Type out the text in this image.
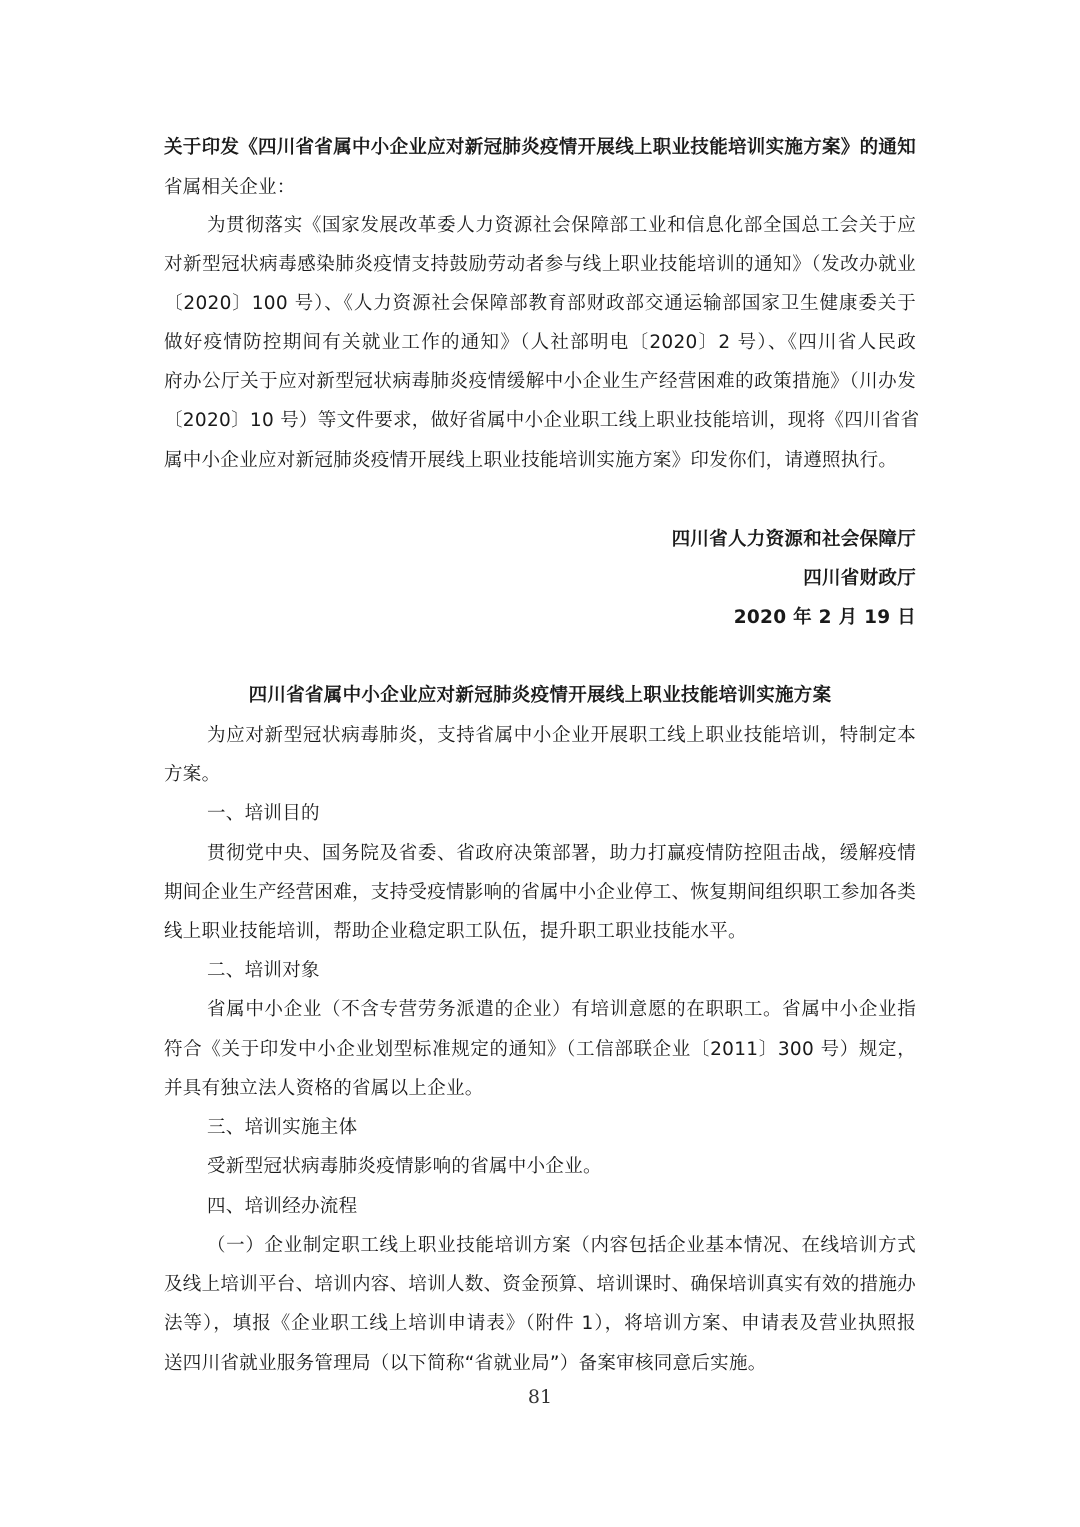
关于印发《四川省省属中小企业应对新冠肺炎疫情开展线上职业技能培训实施方案》的通知
省属相关企业：
为贯彻落实《国家发展改革委人力资源社会保障部工业和信息化部全国总工会关于应
对新型冠状病毒感染肺炎疫情支持鼓励劳动者参与线上职业技能培训的通知》（发改办就业
〔2020〕100 号）、《人力资源社会保障部教育部财政部交通运输部国家卫生健康委关于
做好疫情防控期间有关就业工作的通知》（人社部明电〔2020〕2 号）、《四川省人民政
府办公厅关于应对新型冠状病毒肺炎疫情缓解中小企业生产经营困难的政策措施》（川办发
〔2020〕10 号）等文件要求，做好省属中小企业职工线上职业技能培训，现将《四川省省
属中小企业应对新冠肺炎疫情开展线上职业技能培训实施方案》印发你们，请遵照执行。
四川省人力资源和社会保障厅
四川省财政厅
2020 年 2 月 19 日
四川省省属中小企业应对新冠肺炎疫情开展线上职业技能培训实施方案
为应对新型冠状病毒肺炎，支持省属中小企业开展职工线上职业技能培训，特制定本
方案。
一、培训目的
贯彻党中央、国务院及省委、省政府决策部署，助力打赢疫情防控阻击战，缓解疫情
期间企业生产经营困难，支持受疫情影响的省属中小企业停工、恢复期间组织职工参加各类
线上职业技能培训，帮助企业稳定职工队伍，提升职工职业技能水平。
二、培训对象
省属中小企业（不含专营劳务派遣的企业）有培训意愿的在职职工。省属中小企业指
符合《关于印发中小企业划型标准规定的通知》（工信部联企业〔2011〕300 号）规定，
并具有独立法人资格的省属以上企业。
三、培训实施主体
受新型冠状病毒肺炎疫情影响的省属中小企业。
四、培训经办流程
（一）企业制定职工线上职业技能培训方案（内容包括企业基本情况、在线培训方式
及线上培训平台、培训内容、培训人数、资金预算、培训课时、确保培训真实有效的措施办
法等），填报《企业职工线上培训申请表》（附件 1），将培训方案、申请表及营业执照报
送四川省就业服务管理局（以下简称“省就业局”）备案审核同意后实施。
81
